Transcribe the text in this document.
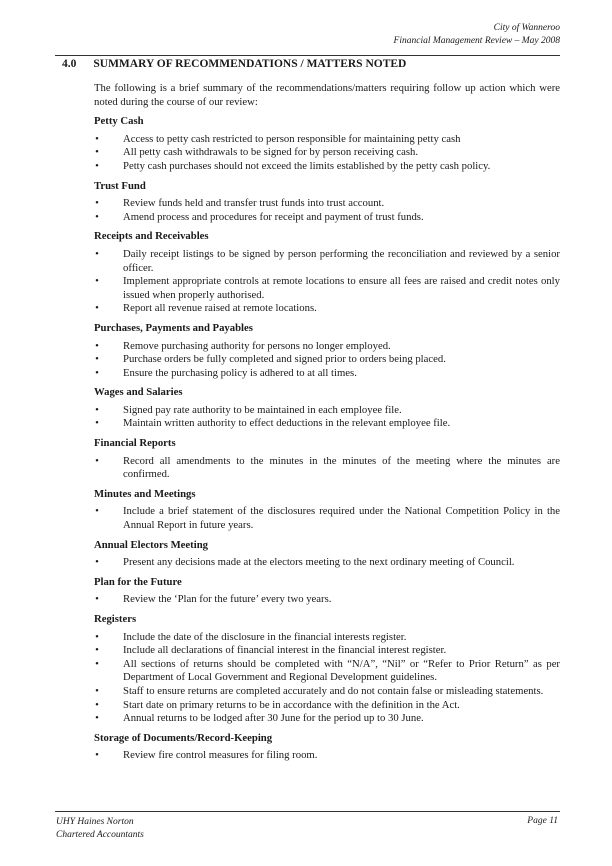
City of Wanneroo
Financial Management Review – May 2008
4.0 SUMMARY OF RECOMMENDATIONS / MATTERS NOTED

The following is a brief summary of the recommendations/matters requiring follow up action which were noted during the course of our review:

Petty Cash
• Access to petty cash restricted to person responsible for maintaining petty cash
• All petty cash withdrawals to be signed for by person receiving cash.
• Petty cash purchases should not exceed the limits established by the petty cash policy.
Trust Fund
• Review funds held and transfer trust funds into trust account.
• Amend process and procedures for receipt and payment of trust funds.
Receipts and Receivables
• Daily receipt listings to be signed by person performing the reconciliation and reviewed by a senior officer.
• Implement appropriate controls at remote locations to ensure all fees are raised and credit notes only issued when properly authorised.
• Report all revenue raised at remote locations.
Purchases, Payments and Payables
• Remove purchasing authority for persons no longer employed.
• Purchase orders be fully completed and signed prior to orders being placed.
• Ensure the purchasing policy is adhered to at all times.
Wages and Salaries
• Signed pay rate authority to be maintained in each employee file.
• Maintain written authority to effect deductions in the relevant employee file.
Financial Reports
• Record all amendments to the minutes in the minutes of the meeting where the minutes are confirmed.
Minutes and Meetings
• Include a brief statement of the disclosures required under the National Competition Policy in the Annual Report in future years.
Annual Electors Meeting
• Present any decisions made at the electors meeting to the next ordinary meeting of Council.
Plan for the Future
• Review the ‘Plan for the future’ every two years.
Registers
• Include the date of the disclosure in the financial interests register.
• Include all declarations of financial interest in the financial interest register.
• All sections of returns should be completed with “N/A”, “Nil” or “Refer to Prior Return” as per Department of Local Government and Regional Development guidelines.
• Staff to ensure returns are completed accurately and do not contain false or misleading statements.
• Start date on primary returns to be in accordance with the definition in the Act.
• Annual returns to be lodged after 30 June for the period up to 30 June.
Storage of Documents/Record-Keeping
• Review fire control measures for filing room.
UHY Haines Norton
Chartered Accountants
Page 11
